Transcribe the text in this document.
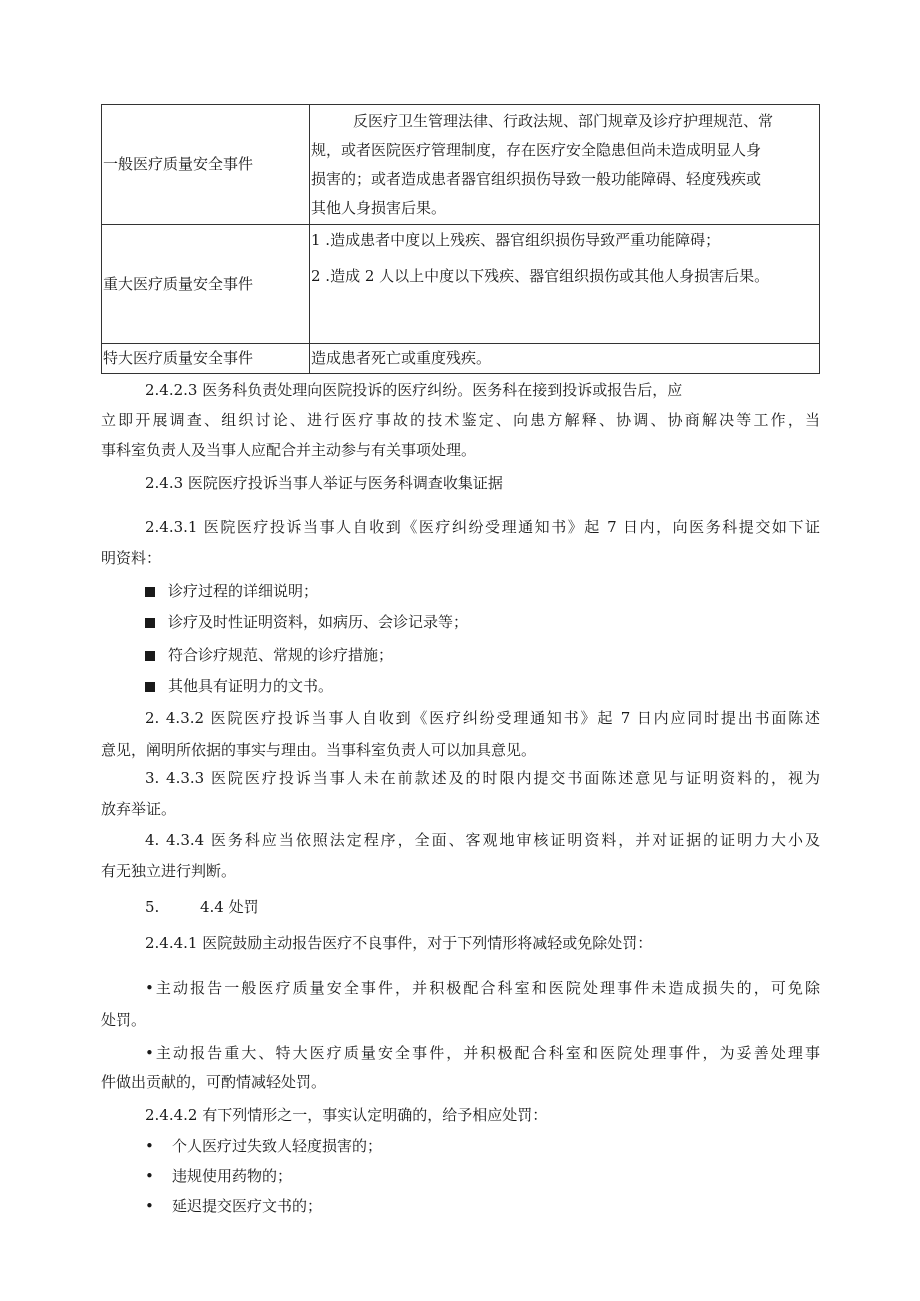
一般医疗质量安全事件	反医疗卫生管理法律、行政法规、部门规章及诊疗护理规范、常
规，或者医院医疗管理制度，存在医疗安全隐患但尚未造成明显人身
损害的；或者造成患者器官组织损伤导致一般功能障碍、轻度残疾或
其他人身损害后果。

重大医疗质量安全事件	1 .造成患者中度以上残疾、器官组织损伤导致严重功能障碍；
2 .造成 2 人以上中度以下残疾、器官组织损伤或其他人身损害后果。

特大医疗质量安全事件	造成患者死亡或重度残疾。
2.4.2.3 医务科负责处理向医院投诉的医疗纠纷。医务科在接到投诉或报告后，应
立即开展调查、组织讨论、进行医疗事故的技术鉴定、向患方解释、协调、协商解决等工作，当
事科室负责人及当事人应配合并主动参与有关事项处理。
2.4.3 医院医疗投诉当事人举证与医务科调查收集证据
2.4.3.1 医院医疗投诉当事人自收到《医疗纠纷受理通知书》起 7 日内，向医务科提交如下证
明资料：
诊疗过程的详细说明；
诊疗及时性证明资料，如病历、会诊记录等；
符合诊疗规范、常规的诊疗措施；
其他具有证明力的文书。
2. 4.3.2 医院医疗投诉当事人自收到《医疗纠纷受理通知书》起 7 日内应同时提出书面陈述
意见，阐明所依据的事实与理由。当事科室负责人可以加具意见。
3. 4.3.3 医院医疗投诉当事人未在前款述及的时限内提交书面陈述意见与证明资料的，视为
放弃举证。
4. 4.3.4 医务科应当依照法定程序，全面、客观地审核证明资料，并对证据的证明力大小及
有无独立进行判断。
5.	4.4 处罚
2.4.4.1 医院鼓励主动报告医疗不良事件，对于下列情形将减轻或免除处罚：
•主动报告一般医疗质量安全事件，并积极配合科室和医院处理事件未造成损失的，可免除
处罚。
•主动报告重大、特大医疗质量安全事件，并积极配合科室和医院处理事件，为妥善处理事
件做出贡献的，可酌情减轻处罚。
2.4.4.2 有下列情形之一，事实认定明确的，给予相应处罚：
• 个人医疗过失致人轻度损害的；
• 违规使用药物的；
• 延迟提交医疗文书的；
